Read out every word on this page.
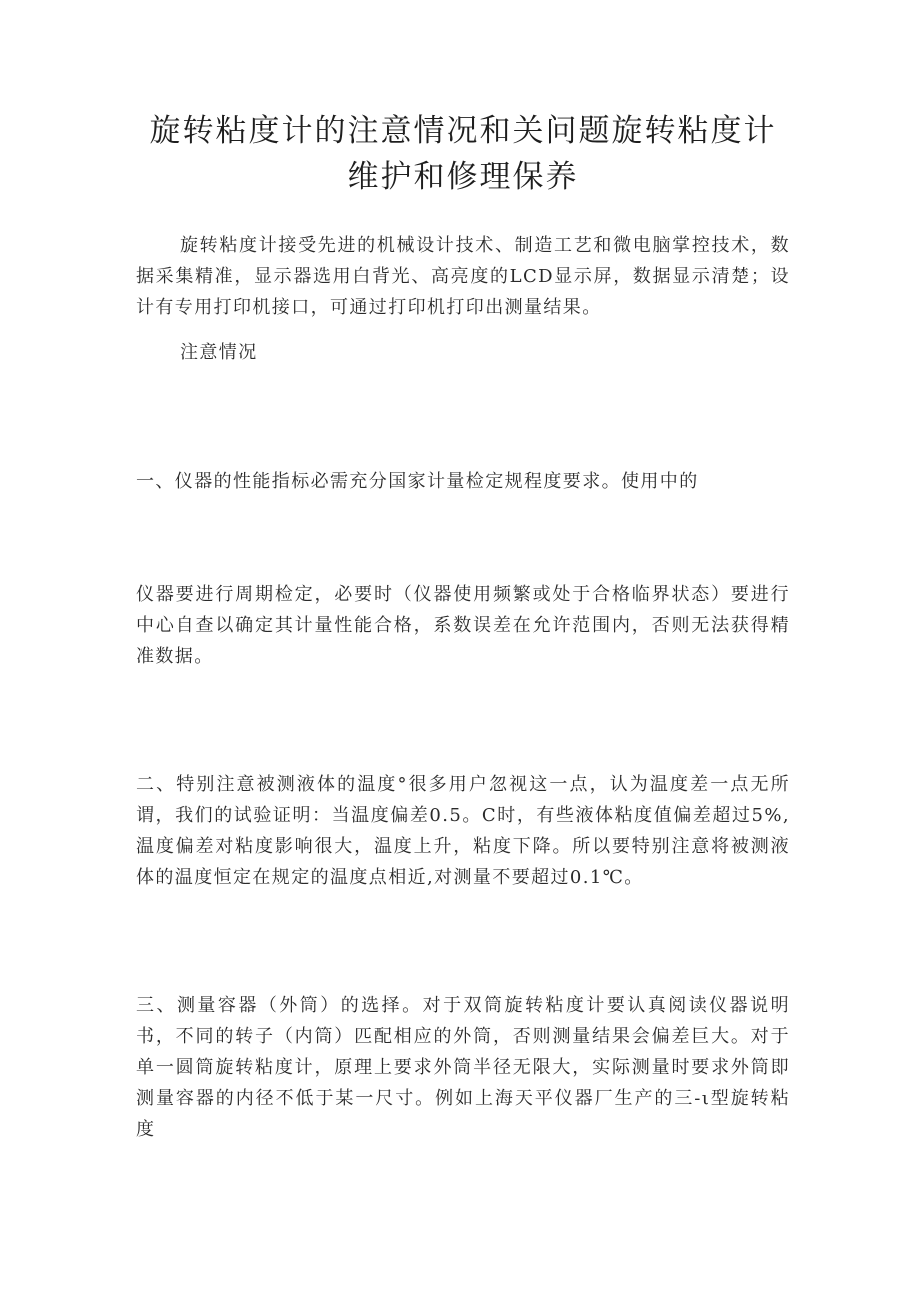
旋转粘度计的注意情况和关问题旋转粘度计
维护和修理保养

旋转粘度计接受先进的机械设计技术、制造工艺和微电脑掌控技术，数据采集精准，显示器选用白背光、高亮度的LCD显示屏，数据显示清楚；设计有专用打印机接口，可通过打印机打印出测量结果。

注意情况

一、仪器的性能指标必需充分国家计量检定规程度要求。使用中的

仪器要进行周期检定，必要时（仪器使用频繁或处于合格临界状态）要进行中心自查以确定其计量性能合格，系数误差在允许范围内，否则无法获得精准数据。

二、特别注意被测液体的温度°很多用户忽视这一点，认为温度差一点无所谓，我们的试验证明：当温度偏差0.5。C时，有些液体粘度值偏差超过5%,温度偏差对粘度影响很大，温度上升，粘度下降。所以要特别注意将被测液体的温度恒定在规定的温度点相近,对测量不要超过0.1℃。

三、测量容器（外筒）的选择。对于双筒旋转粘度计要认真阅读仪器说明书，不同的转子（内筒）匹配相应的外筒，否则测量结果会偏差巨大。对于单一圆筒旋转粘度计，原理上要求外筒半径无限大，实际测量时要求外筒即测量容器的内径不低于某一尺寸。例如上海天平仪器厂生产的三-ι型旋转粘度
